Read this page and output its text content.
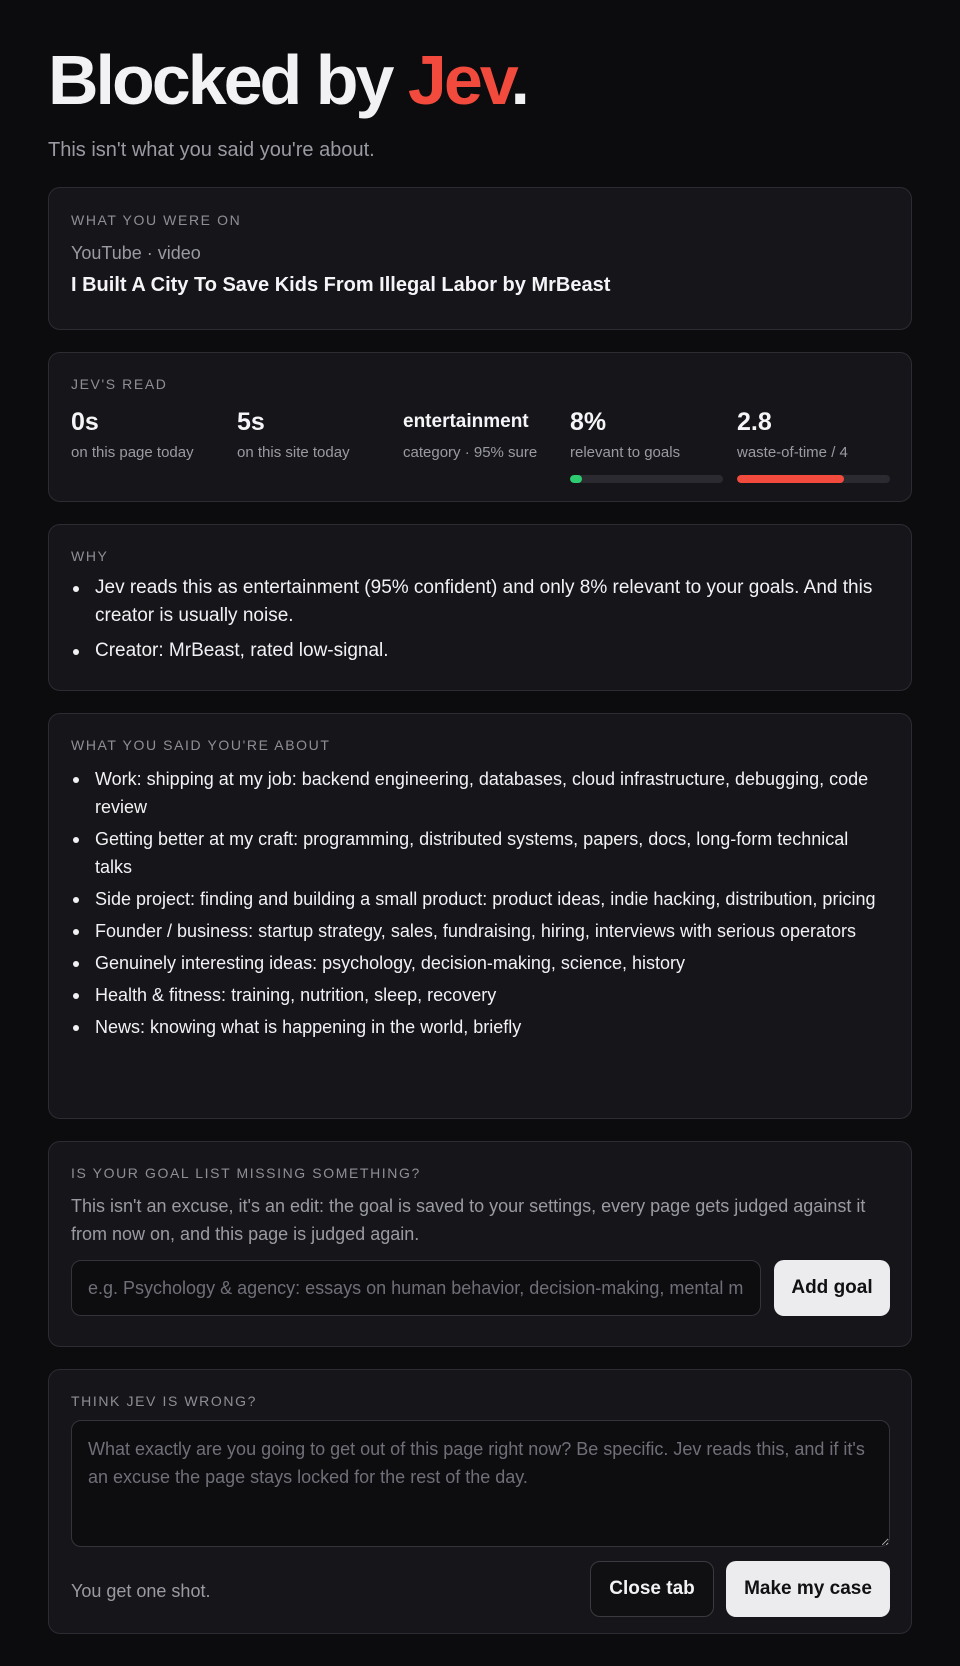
Blocked by Jev.
This isn't what you said you're about.
WHAT YOU WERE ON
YouTube · video
I Built A City To Save Kids From Illegal Labor by MrBeast
JEV'S READ
0s
on this page today
5s
on this site today
entertainment
category · 95% sure
8%
relevant to goals
2.8
waste-of-time / 4
WHY
Jev reads this as entertainment (95% confident) and only 8% relevant to your goals. And this creator is usually noise.
Creator: MrBeast, rated low-signal.
WHAT YOU SAID YOU'RE ABOUT
Work: shipping at my job: backend engineering, databases, cloud infrastructure, debugging, code review
Getting better at my craft: programming, distributed systems, papers, docs, long-form technical talks
Side project: finding and building a small product: product ideas, indie hacking, distribution, pricing
Founder / business: startup strategy, sales, fundraising, hiring, interviews with serious operators
Genuinely interesting ideas: psychology, decision-making, science, history
Health & fitness: training, nutrition, sleep, recovery
News: knowing what is happening in the world, briefly
IS YOUR GOAL LIST MISSING SOMETHING?
This isn't an excuse, it's an edit: the goal is saved to your settings, every page gets judged against it from now on, and this page is judged again.
e.g. Psychology & agency: essays on human behavior, decision-making, mental models
Add goal
THINK JEV IS WRONG?
What exactly are you going to get out of this page right now? Be specific. Jev reads this, and if it's an excuse the page stays locked for the rest of the day.
You get one shot.	Close tab	Make my case
